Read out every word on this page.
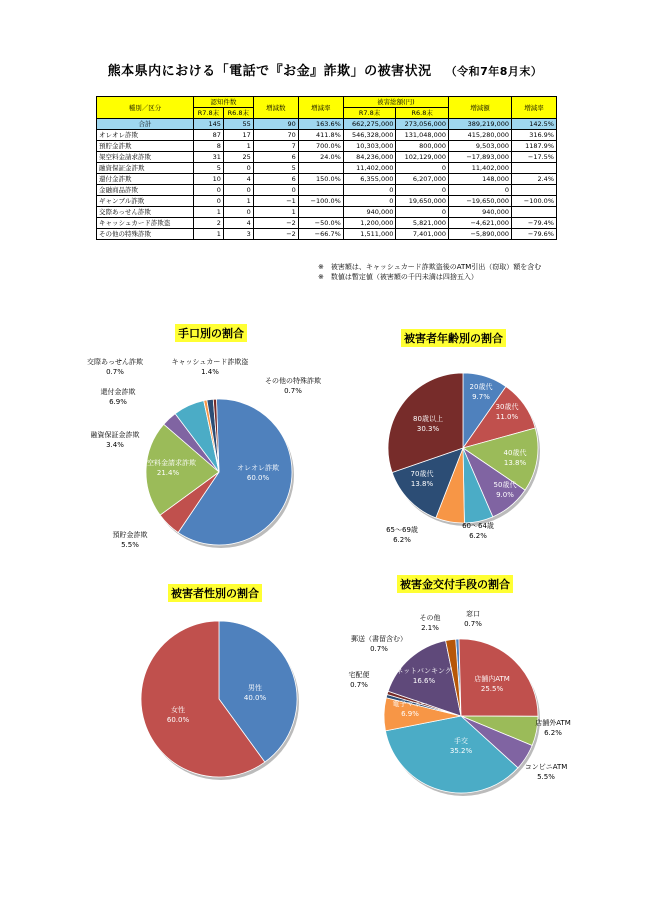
熊本県内における「電話で『お金』詐欺」の被害状況 （令和7年8月末）
種別／区分	認知件数		増減数	増減率	被害総額(円)		増減額	増減率
	R7.8末	R6.8末			R7.8末	R6.8末		
合計	145	55	90	163.6%	662,275,000	273,056,000	389,219,000	142.5%
オレオレ詐欺	87	17	70	411.8%	546,328,000	131,048,000	415,280,000	316.9%
預貯金詐欺	8	1	7	700.0%	10,303,000	800,000	9,503,000	1187.9%
架空料金請求詐欺	31	25	6	24.0%	84,236,000	102,129,000	−17,893,000	−17.5%
融資保証金詐欺	5	0	5		11,402,000	0	11,402,000	
還付金詐欺	10	4	6	150.0%	6,355,000	6,207,000	148,000	2.4%
金融商品詐欺	0	0	0		0	0	0	
ギャンブル詐欺	0	1	−1	−100.0%	0	19,650,000	−19,650,000	−100.0%
交際あっせん詐欺	1	0	1		940,000	0	940,000	
キャッシュカード詐欺盗	2	4	−2	−50.0%	1,200,000	5,821,000	−4,621,000	−79.4%
その他の特殊詐欺	1	3	−2	−66.7%	1,511,000	7,401,000	−5,890,000	−79.6%
※　被害額は、キャッシュカード詐欺盗後のATM引出（窃取）額を含む
※　数値は暫定値（被害額の千円未満は四捨五入）
手口別の割合	被害者年齢別の割合
被害者性別の割合
被害金交付手段の割合
オレオレ詐欺 60.0%
預貯金詐欺 5.5%
架空料金請求詐欺 21.4%
融資保証金詐欺 3.4%
還付金詐欺 6.9%
交際あっせん詐欺 0.7%
キャッシュカード詐欺盗 1.4%
その他の特殊詐欺 0.7%	20歳代 9.7%
30歳代 11.0%
40歳代 13.8%
50歳代 9.0%
60～64歳 6.2%
65～69歳 6.2%
70歳代 13.8%
80歳以上 30.3%
男性 40.0%
女性 60.0%
窓口 0.7%
店舗内ATM 25.5%
店舗外ATM 6.2%
コンビニATM 5.5%
手交 35.2%
電子マネー 6.9%
宅配便 0.7%
郵送（書留含む） 0.7%
ネットバンキング 16.6%
その他 2.1%
